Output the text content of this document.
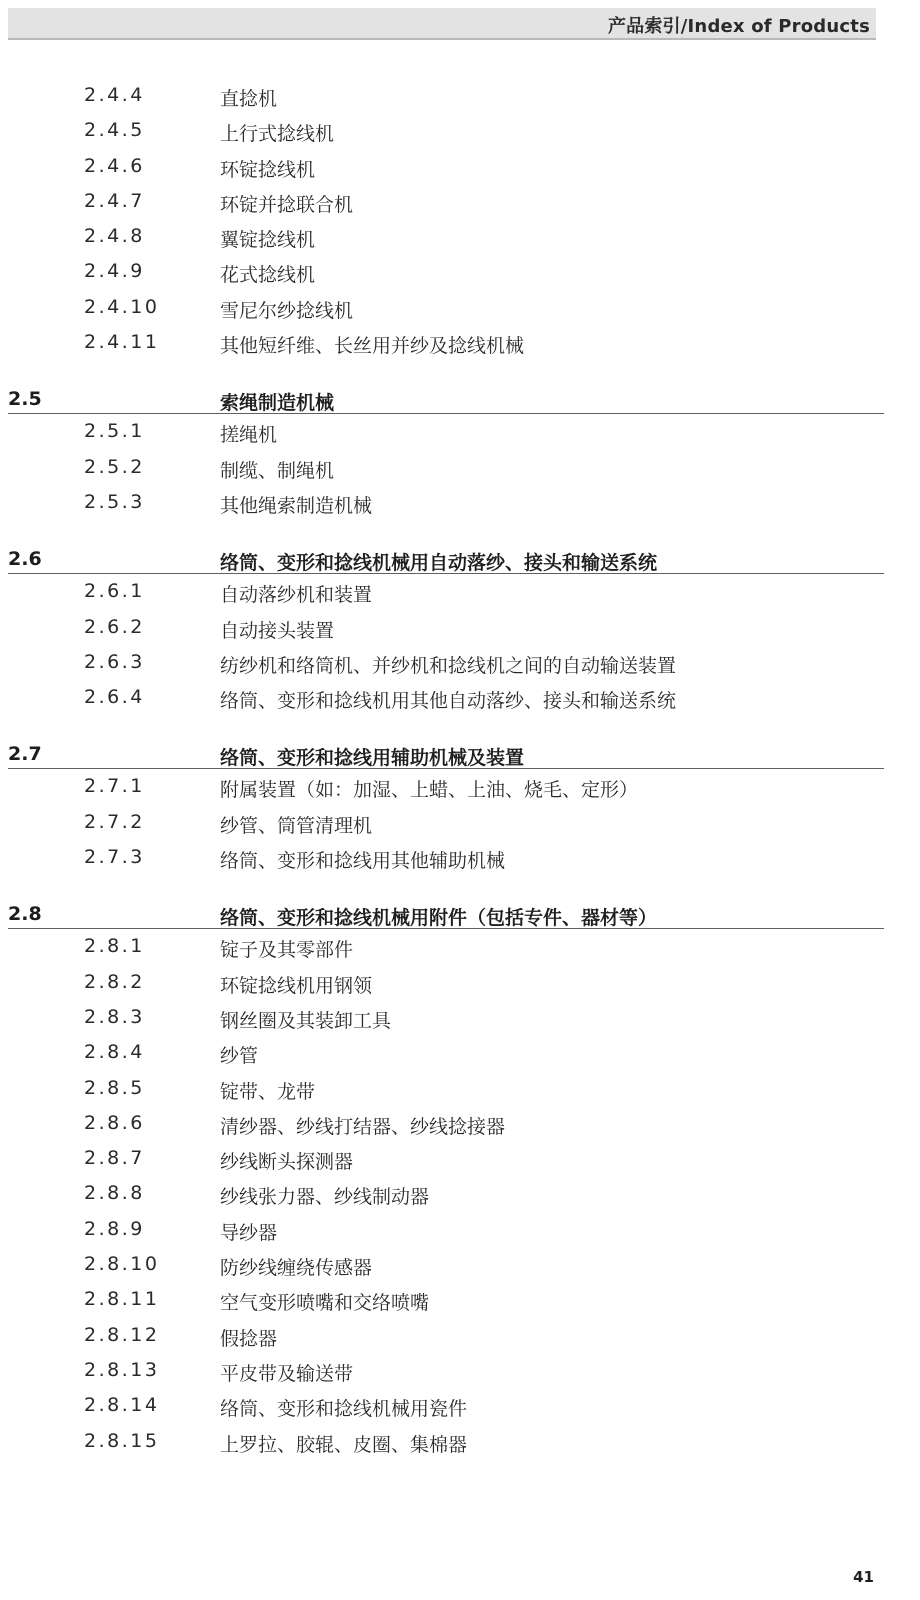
产品索引/Index of Products
2.4.4	直捻机
2.4.5	上行式捻线机
2.4.6	环锭捻线机
2.4.7	环锭并捻联合机
2.4.8	翼锭捻线机
2.4.9	花式捻线机
2.4.10	雪尼尔纱捻线机
2.4.11	其他短纤维、长丝用并纱及捻线机械
2.5	索绳制造机械
2.5.1	搓绳机
2.5.2	制缆、制绳机
2.5.3	其他绳索制造机械
2.6	络筒、变形和捻线机械用自动落纱、接头和输送系统
2.6.1	自动落纱机和装置
2.6.2	自动接头装置
2.6.3	纺纱机和络筒机、并纱机和捻线机之间的自动输送装置
2.6.4	络筒、变形和捻线机用其他自动落纱、接头和输送系统
2.7	络筒、变形和捻线用辅助机械及装置
2.7.1	附属装置（如：加湿、上蜡、上油、烧毛、定形）
2.7.2	纱管、筒管清理机
2.7.3	络筒、变形和捻线用其他辅助机械
2.8	络筒、变形和捻线机械用附件（包括专件、器材等）
2.8.1	锭子及其零部件
2.8.2	环锭捻线机用钢领
2.8.3	钢丝圈及其装卸工具
2.8.4	纱管
2.8.5	锭带、龙带
2.8.6	清纱器、纱线打结器、纱线捻接器
2.8.7	纱线断头探测器
2.8.8	纱线张力器、纱线制动器
2.8.9	导纱器
2.8.10	防纱线缠绕传感器
2.8.11	空气变形喷嘴和交络喷嘴
2.8.12	假捻器
2.8.13	平皮带及输送带
2.8.14	络筒、变形和捻线机械用瓷件
2.8.15	上罗拉、胶辊、皮圈、集棉器
41
